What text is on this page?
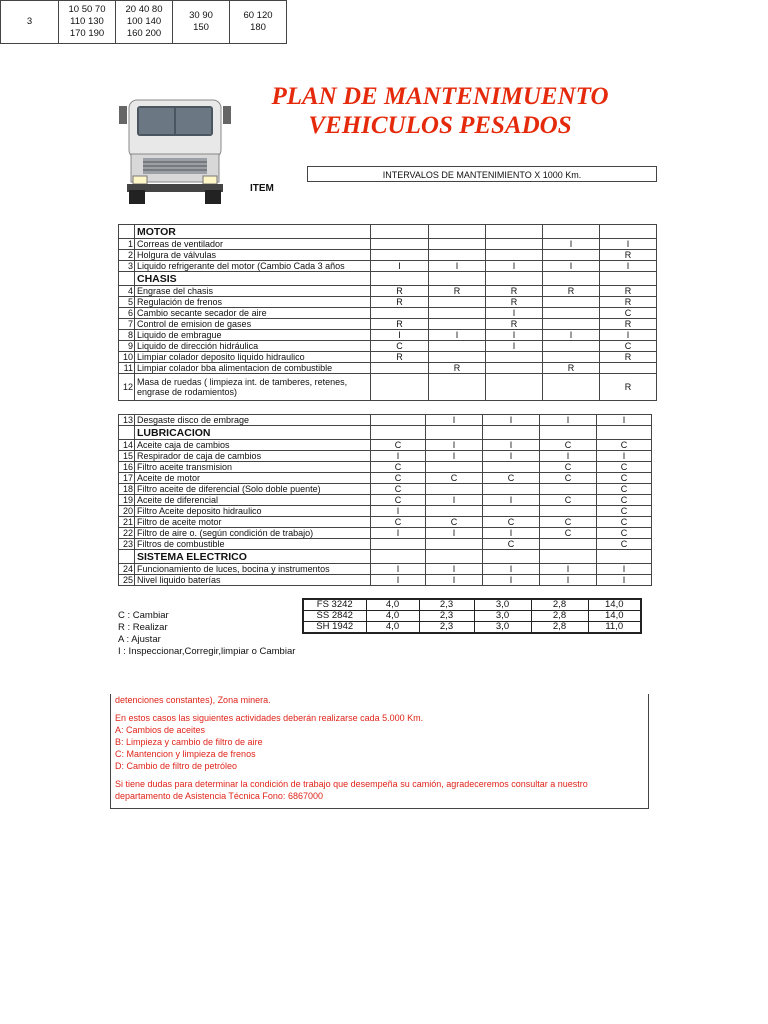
PLAN DE MANTENIMUENTO
VEHICULOS PESADOS
INTERVALOS DE MANTENIMIENTO X 1000 Km.
ITEM
3	10 50 70
110 130
170 190	20 40 80
100 140
160 200	30 90
150	60 120
180
	MOTOR					
1	Correas de ventilador				I	I
2	Holgura de válvulas					R
3	Liquido refrigerante del motor (Cambio Cada 3 años	I	I	I	I	I
	CHASIS					
4	Engrase del chasis	R	R	R	R	R
5	Regulación de frenos	R		R		R
6	Cambio secante secador de aire			I		C
7	Control de emision de gases	R		R		R
8	Liquido de embrague	I	I	I	I	I
9	Liquido de dirección hidráulica	C		I		C
10	Limpiar colador deposito liquido hidraulico	R				R
11	Limpiar colador bba alimentacion de combustible		R		R	
12	Masa de ruedas ( limpieza int. de tamberes, retenes, engrase de rodamientos)					R
13	Desgaste disco de embrage		I	I	I	I
	LUBRICACION					
14	Aceite caja de cambios	C	I	I	C	C
15	Respirador de caja de cambios	I	I	I	I	I
16	Filtro aceite transmision	C			C	C
17	Aceite de motor	C	C	C	C	C
18	Filtro aceite de diferencial (Solo doble puente)	C				C
19	Aceite de diferencial	C	I	I	C	C
20	Filtro Aceite deposito hidraulico	I				C
21	Filtro de aceite motor	C	C	C	C	C
22	Filtro de aire o. (según condición de trabajo)	I	I	I	C	C
23	Filtros de combustible			C		C
	SISTEMA ELECTRICO					
24	Funcionamiento de luces, bocina y instrumentos	I	I	I	I	I
25	Nivel liquido baterías	I	I	I	I	I
FS 3242	4,0	2,3	3,0	2,8	14,0
SS 2842	4,0	2,3	3,0	2,8	14,0
SH 1942	4,0	2,3	3,0	2,8	11,0
C : Cambiar
R : Realizar
A : Ajustar
I : Inspeccionar,Corregir,limpiar o Cambiar
detenciones constantes), Zona minera.
En estos casos las siguientes actividades deberán realizarse cada 5.000 Km.
A: Cambios de aceites
B: Limpieza y cambio de filtro de aire
C: Mantencion y limpieza de frenos
D: Cambio de filtro de petróleo
Si tiene dudas para determinar la condición de trabajo que desempeña su camión, agradeceremos consultar a nuestro
departamento de Asistencia Técnica Fono: 6867000
